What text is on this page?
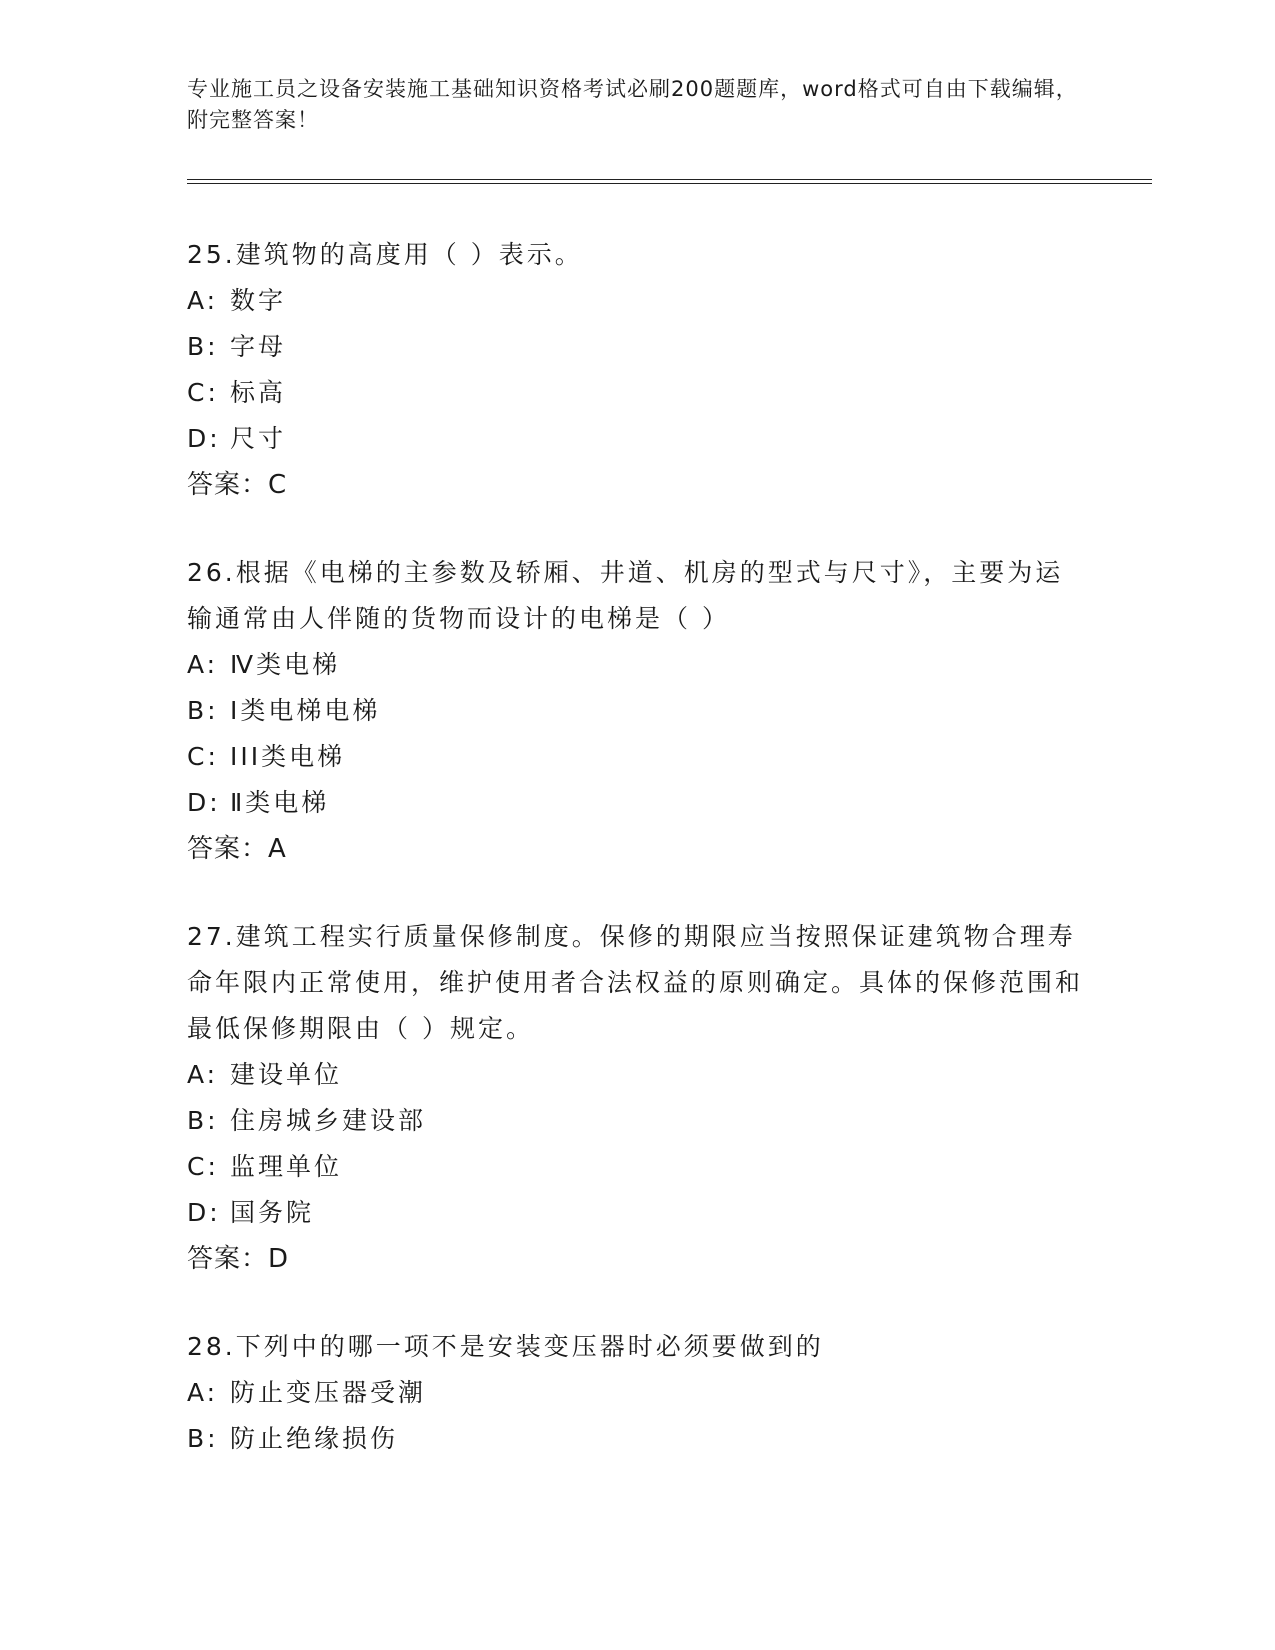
专业施工员之设备安装施工基础知识资格考试必刷200题题库，word格式可自由下载编辑，附完整答案！
25.建筑物的高度用（ ）表示。
A: 数字
B: 字母
C: 标高
D: 尺寸
答案：C
26.根据《电梯的主参数及轿厢、井道、机房的型式与尺寸》，主要为运输通常由人伴随的货物而设计的电梯是（ ）
A: Ⅳ类电梯
B: Ⅰ类电梯电梯
C: III类电梯
D: Ⅱ类电梯
答案：A
27.建筑工程实行质量保修制度。保修的期限应当按照保证建筑物合理寿命年限内正常使用，维护使用者合法权益的原则确定。具体的保修范围和最低保修期限由（ ）规定。
A: 建设单位
B: 住房城乡建设部
C: 监理单位
D: 国务院
答案：D
28.下列中的哪一项不是安装变压器时必须要做到的
A: 防止变压器受潮
B: 防止绝缘损伤
